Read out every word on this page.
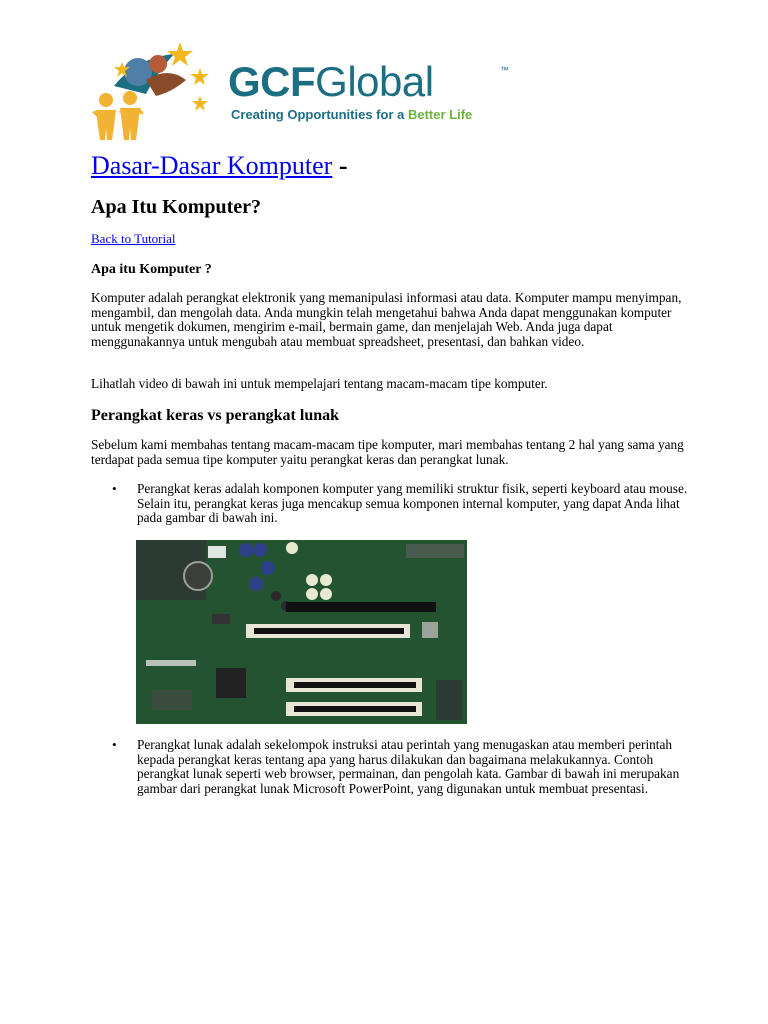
GCFGlobal	™
Creating Opportunities for a Better Life
Dasar-Dasar Komputer -
Apa Itu Komputer?
Back to Tutorial
Apa itu Komputer ?

Komputer adalah perangkat elektronik yang memanipulasi informasi atau data. Komputer mampu menyimpan, mengambil, dan mengolah data. Anda mungkin telah mengetahui bahwa Anda dapat menggunakan komputer untuk mengetik dokumen, mengirim e-mail, bermain game, dan menjelajah Web. Anda juga dapat menggunakannya untuk mengubah atau membuat spreadsheet, presentasi, dan bahkan video.

Lihatlah video di bawah ini untuk mempelajari tentang macam-macam tipe komputer.

Perangkat keras vs perangkat lunak

Sebelum kami membahas tentang macam-macam tipe komputer, mari membahas tentang 2 hal yang sama yang terdapat pada semua tipe komputer yaitu perangkat keras dan perangkat lunak.

• Perangkat keras adalah komponen komputer yang memiliki struktur fisik, seperti keyboard atau mouse. Selain itu, perangkat keras juga mencakup semua komponen internal komputer, yang dapat Anda lihat pada gambar di bawah ini.

• Perangkat lunak adalah sekelompok instruksi atau perintah yang menugaskan atau memberi perintah kepada perangkat keras tentang apa yang harus dilakukan dan bagaimana melakukannya. Contoh perangkat lunak seperti web browser, permainan, dan pengolah kata. Gambar di bawah ini merupakan gambar dari perangkat lunak Microsoft PowerPoint, yang digunakan untuk membuat presentasi.
